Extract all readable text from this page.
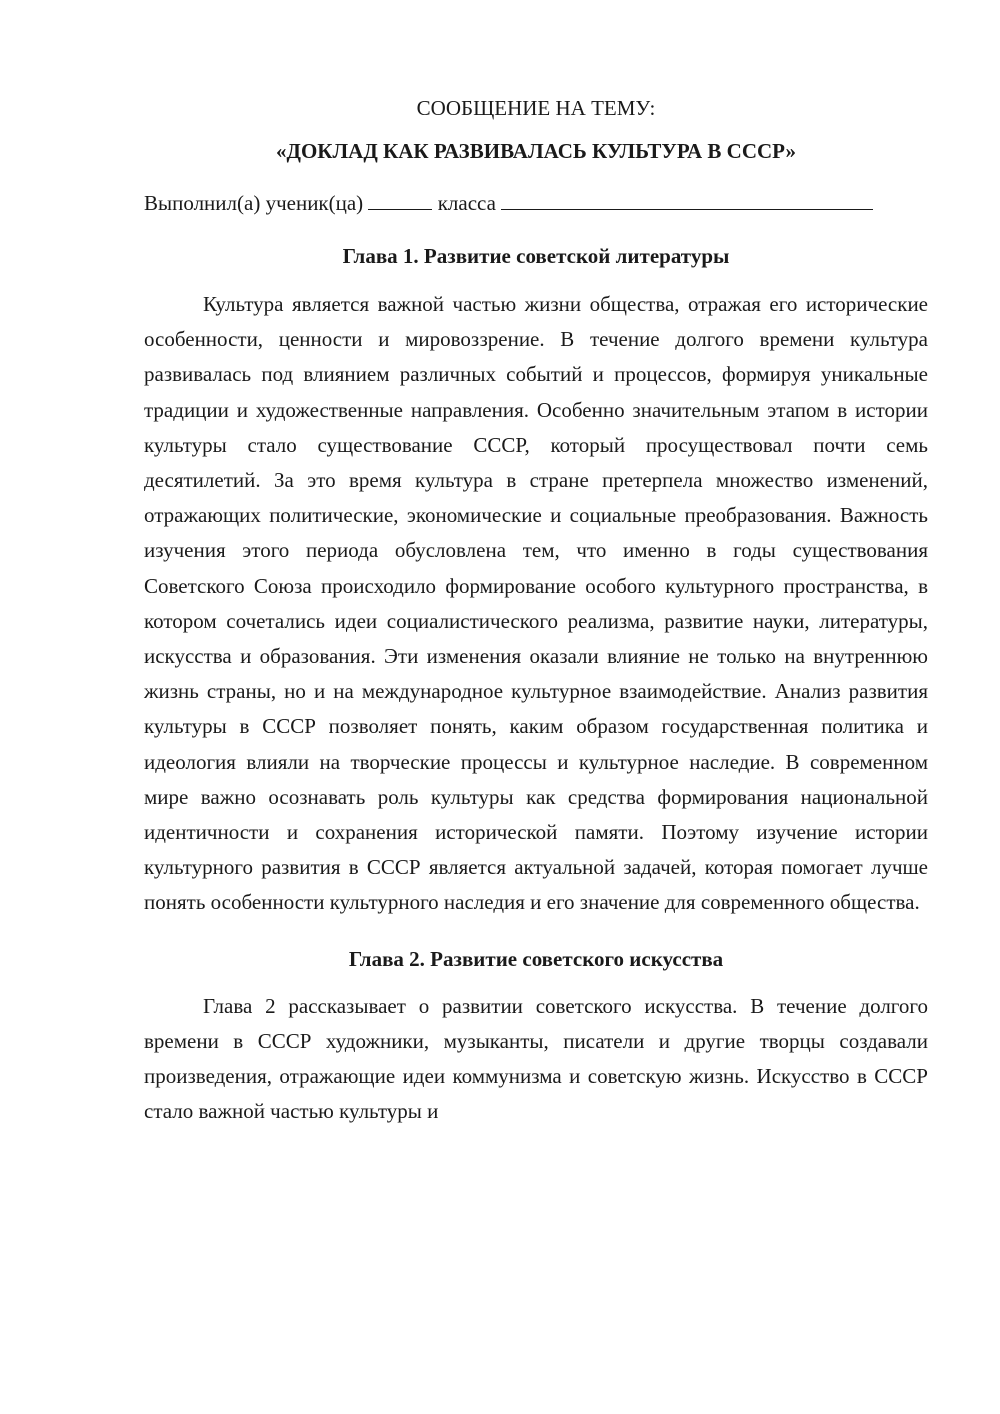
СООБЩЕНИЕ НА ТЕМУ:

«ДОКЛАД КАК РАЗВИВАЛАСЬ КУЛЬТУРА В СССР»

Выполнил(а) ученик(ца)	класса

Глава 1. Развитие советской литературы

Культура является важной частью жизни общества, отражая его исторические особенности, ценности и мировоззрение. В течение долгого времени культура развивалась под влиянием различных событий и процессов, формируя уникальные традиции и художественные направления. Особенно значительным этапом в истории культуры стало существование СССР, который просуществовал почти семь десятилетий. За это время культура в стране претерпела множество изменений, отражающих политические, экономические и социальные преобразования. Важность изучения этого периода обусловлена тем, что именно в годы существования Советского Союза происходило формирование особого культурного пространства, в котором сочетались идеи социалистического реализма, развитие науки, литературы, искусства и образования. Эти изменения оказали влияние не только на внутреннюю жизнь страны, но и на международное культурное взаимодействие. Анализ развития культуры в СССР позволяет понять, каким образом государственная политика и идеология влияли на творческие процессы и культурное наследие. В современном мире важно осознавать роль культуры как средства формирования национальной идентичности и сохранения исторической памяти. Поэтому изучение истории культурного развития в СССР является актуальной задачей, которая помогает лучше понять особенности культурного наследия и его значение для современного общества.

Глава 2. Развитие советского искусства

Глава 2 рассказывает о развитии советского искусства. В течение долгого времени в СССР художники, музыканты, писатели и другие творцы создавали произведения, отражающие идеи коммунизма и советскую жизнь. Искусство в СССР стало важной частью культуры и
